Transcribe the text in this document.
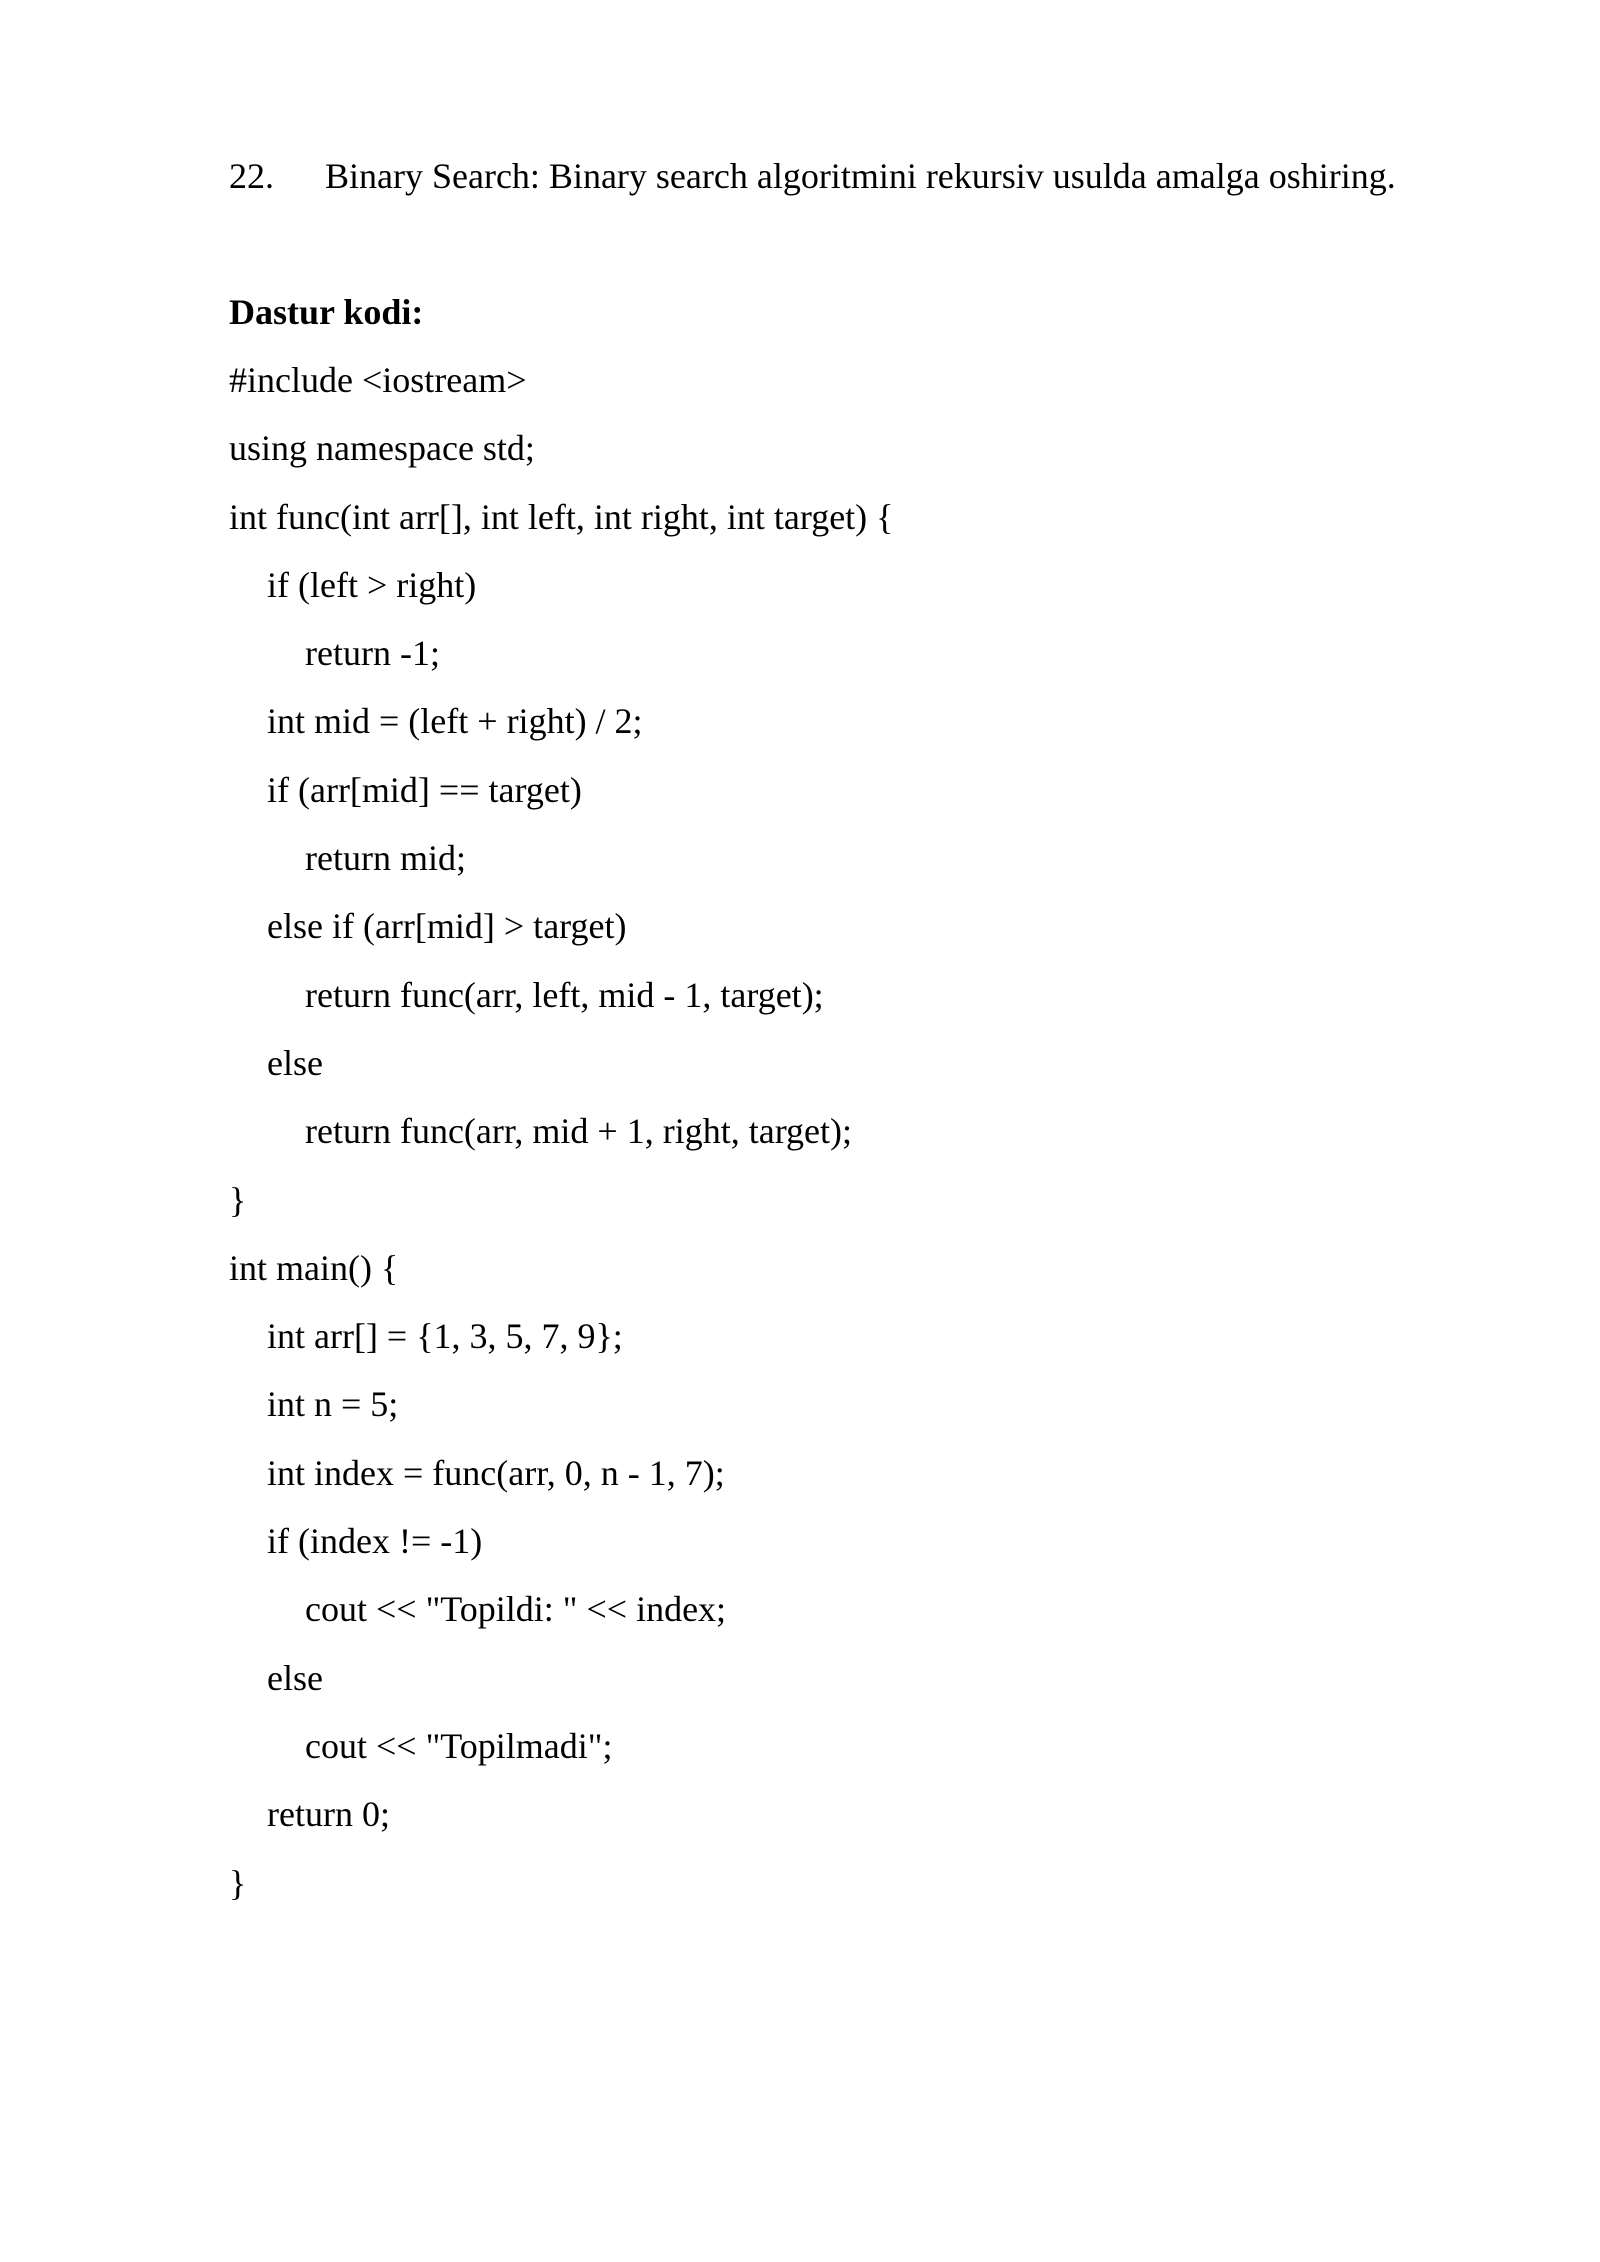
22. Binary Search: Binary search algoritmini rekursiv usulda amalga oshiring.
Dastur kodi:
#include <iostream>
using namespace std;
int func(int arr[], int left, int right, int target) {
if (left > right)
return -1;
int mid = (left + right) / 2;
if (arr[mid] == target)
return mid;
else if (arr[mid] > target)
return func(arr, left, mid - 1, target);
else
return func(arr, mid + 1, right, target);
}
int main() {
int arr[] = {1, 3, 5, 7, 9};
int n = 5;
int index = func(arr, 0, n - 1, 7);
if (index != -1)
cout << "Topildi: " << index;
else
cout << "Topilmadi";
return 0;
}
